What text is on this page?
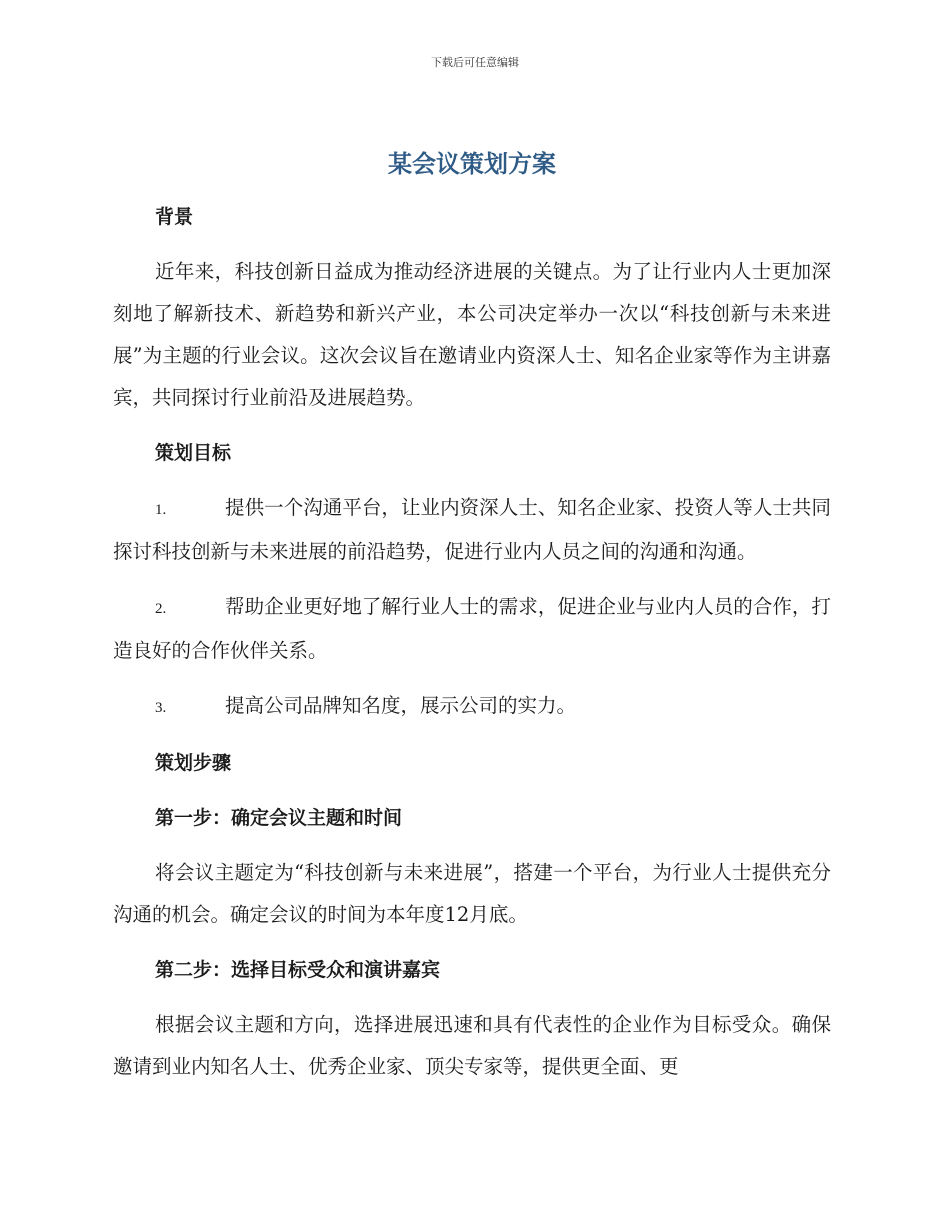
下载后可任意编辑
某会议策划方案
背景

近年来，科技创新日益成为推动经济进展的关键点。为了让行业内人士更加深刻地了解新技术、新趋势和新兴产业，本公司决定举办一次以“科技创新与未来进展”为主题的行业会议。这次会议旨在邀请业内资深人士、知名企业家等作为主讲嘉宾，共同探讨行业前沿及进展趋势。

策划目标

1.	提供一个沟通平台，让业内资深人士、知名企业家、投资人等人士共同探讨科技创新与未来进展的前沿趋势，促进行业内人员之间的沟通和沟通。

2.	帮助企业更好地了解行业人士的需求，促进企业与业内人员的合作，打造良好的合作伙伴关系。

3.	提高公司品牌知名度，展示公司的实力。

策划步骤
第一步：确定会议主题和时间

将会议主题定为“科技创新与未来进展”，搭建一个平台，为行业人士提供充分沟通的机会。确定会议的时间为本年度12月底。

第二步：选择目标受众和演讲嘉宾

根据会议主题和方向，选择进展迅速和具有代表性的企业作为目标受众。确保邀请到业内知名人士、优秀企业家、顶尖专家等，提供更全面、更
